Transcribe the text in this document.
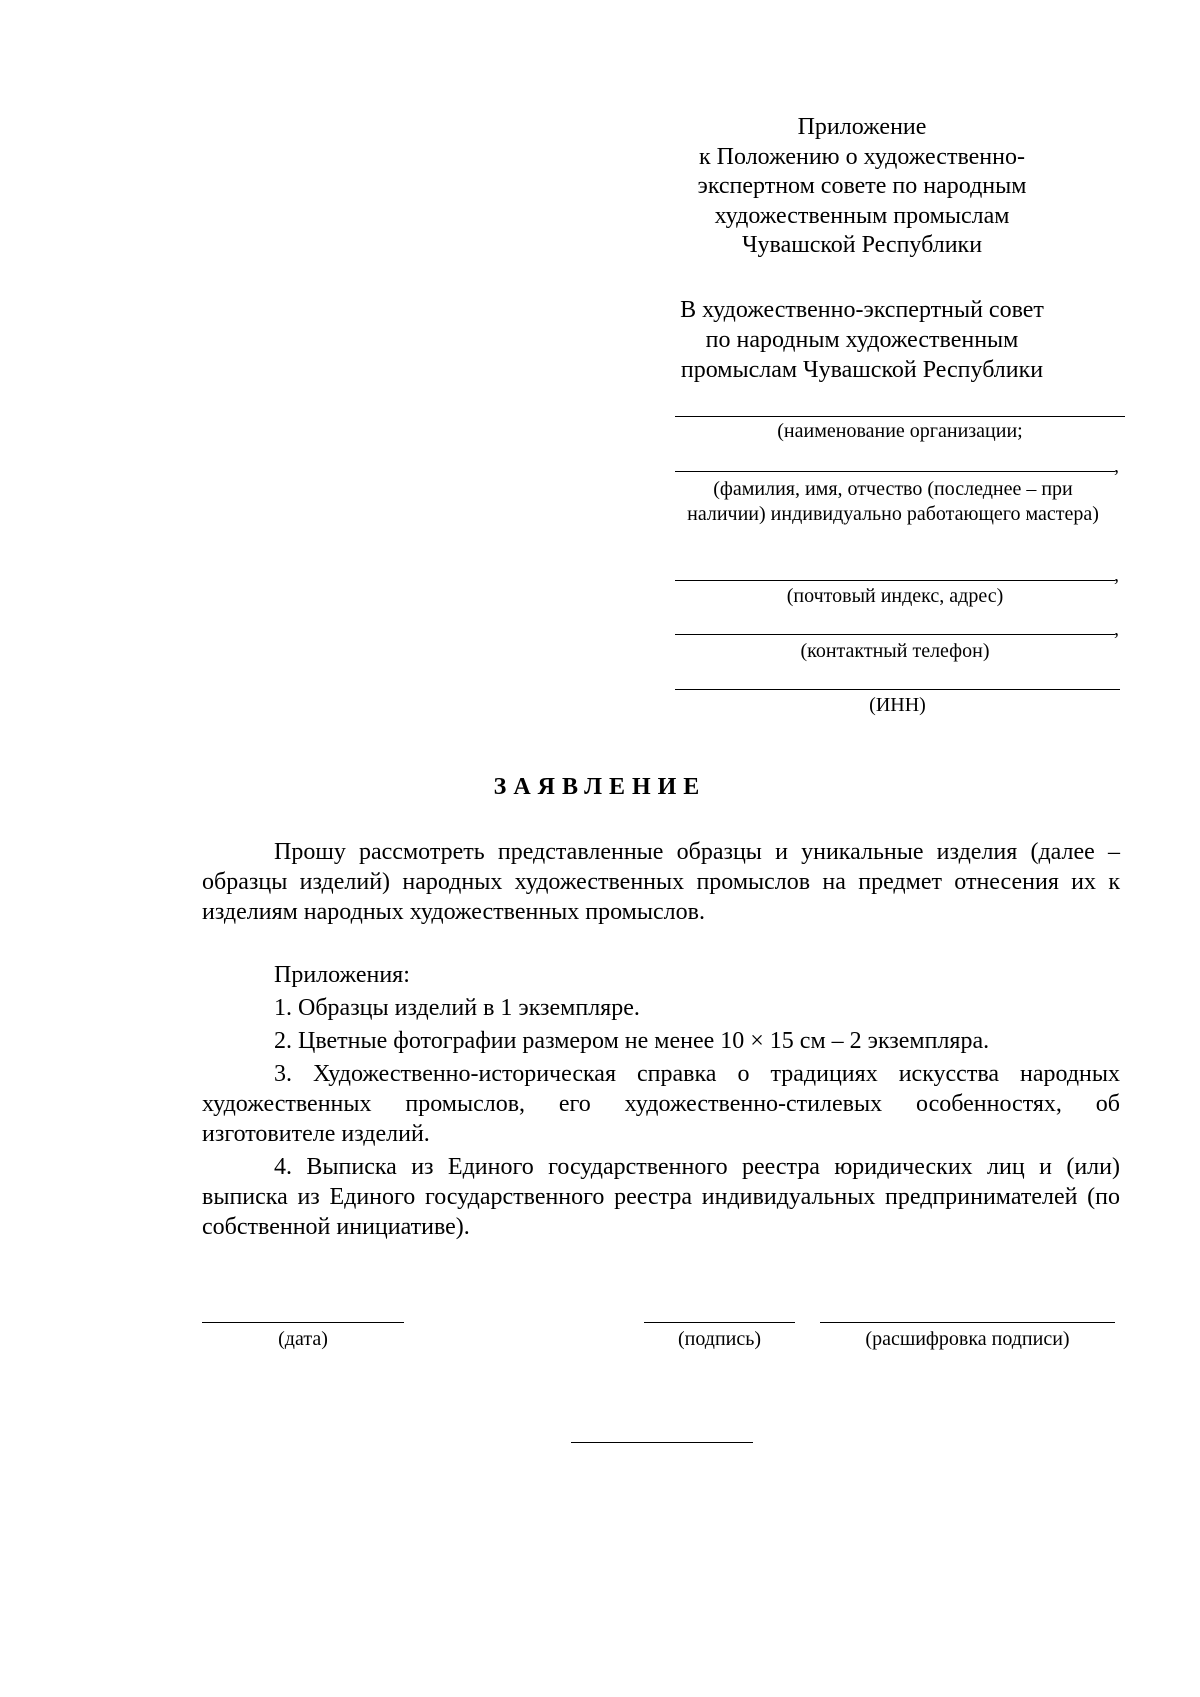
Приложение
к Положению о художественно-
экспертном совете по народным
художественным промыслам
Чувашской Республики
В художественно-экспертный совет
по народным художественным
промыслам Чувашской Республики
(наименование организации;
,
(фамилия, имя, отчество (последнее – при наличии) индивидуально работающего мастера)
,
(почтовый индекс, адрес)
,
(контактный телефон)
(ИНН)
ЗАЯВЛЕНИЕ

Прошу рассмотреть представленные образцы и уникальные изделия (далее – образцы изделий) народных художественных промыслов на предмет отнесения их к изделиям народных художественных промыслов.

Приложения:

1. Образцы изделий в 1 экземпляре.

2. Цветные фотографии размером не менее 10 × 15 см – 2 экземпляра.

3. Художественно-историческая справка о традициях искусства народных художественных промыслов, его художественно-стилевых особенностях, об изготовителе изделий.

4. Выписка из Единого государственного реестра юридических лиц и (или) выписка из Единого государственного реестра индивидуальных предпринимателей (по собственной инициативе).

(дата)	(подпись)	(расшифровка подписи)
